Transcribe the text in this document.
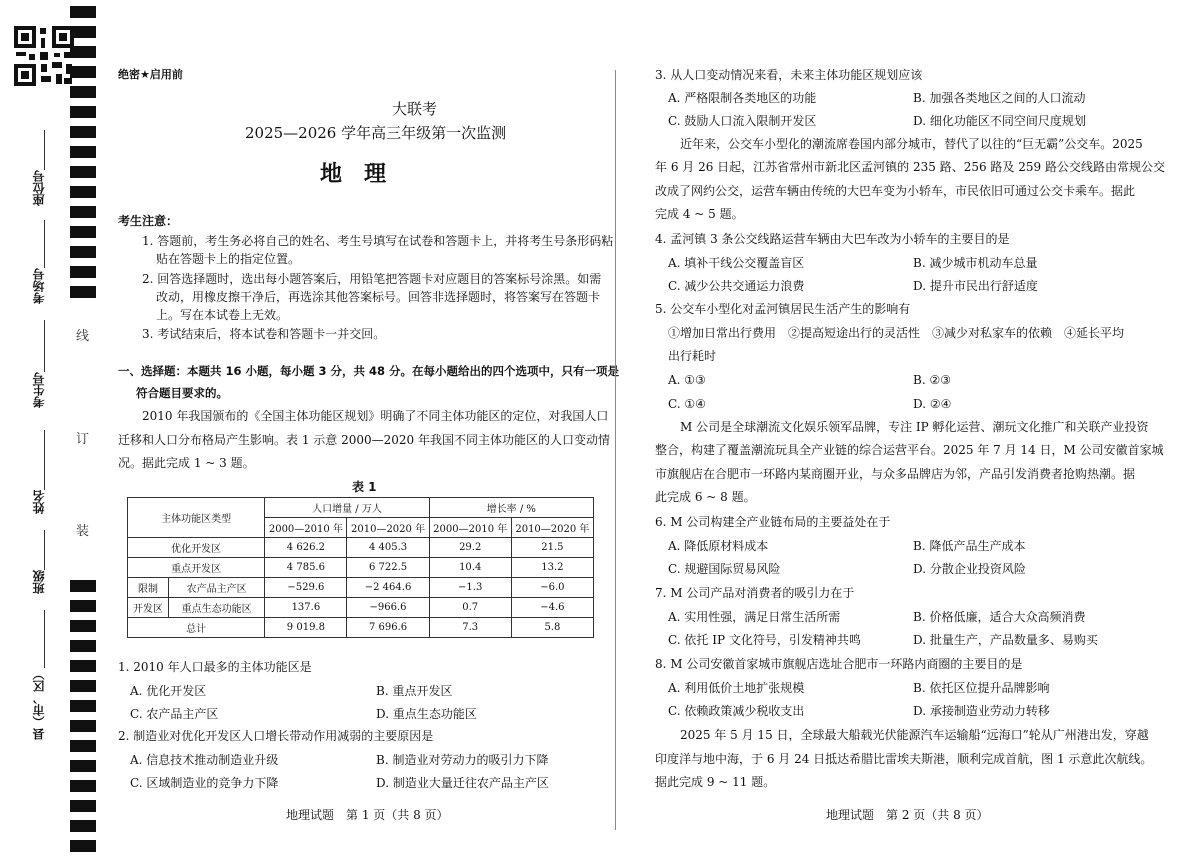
座位号
考场号
考生号
姓名
班级
县（市、区）
线
订
装
绝密★启用前
大联考
2025—2026 学年高三年级第一次监测
地　理
考生注意：
1. 答题前，考生务必将自己的姓名、考生号填写在试卷和答题卡上，并将考生号条形码粘
贴在答题卡上的指定位置。
2. 回答选择题时，选出每小题答案后，用铅笔把答题卡对应题目的答案标号涂黑。如需
改动，用橡皮擦干净后，再选涂其他答案标号。回答非选择题时，将答案写在答题卡
上。写在本试卷上无效。
3. 考试结束后，将本试卷和答题卡一并交回。
一、选择题：本题共 16 小题，每小题 3 分，共 48 分。在每小题给出的四个选项中，只有一项是
符合题目要求的。
2010 年我国颁布的《全国主体功能区规划》明确了不同主体功能区的定位，对我国人口
迁移和人口分布格局产生影响。表 1 示意 2000—2020 年我国不同主体功能区的人口变动情
况。据此完成 1 ~ 3 题。
表 1
主体功能区类型		人口增量 / 万人		增长率 / %	
		2000—2010 年	2010—2020 年	2000—2010 年	2010—2020 年
优化开发区		4 626.2	4 405.3	29.2	21.5
重点开发区		4 785.6	6 722.5	10.4	13.2
限制	农产品主产区	−529.6	−2 464.6	−1.3	−6.0
开发区	重点生态功能区	137.6	−966.6	0.7	−4.6
总计		9 019.8	7 696.6	7.3	5.8
1. 2010 年人口最多的主体功能区是
A. 优化开发区	B. 重点开发区
C. 农产品主产区	D. 重点生态功能区
2. 制造业对优化开发区人口增长带动作用减弱的主要原因是
A. 信息技术推动制造业升级	B. 制造业对劳动力的吸引力下降
C. 区域制造业的竞争力下降	D. 制造业大量迁往农产品主产区
地理试题　第 1 页（共 8 页）
3. 从人口变动情况来看，未来主体功能区规划应该
A. 严格限制各类地区的功能	B. 加强各类地区之间的人口流动
C. 鼓励人口流入限制开发区	D. 细化功能区不同空间尺度规划
近年来，公交车小型化的潮流席卷国内部分城市，替代了以往的“巨无霸”公交车。2025
年 6 月 26 日起，江苏省常州市新北区孟河镇的 235 路、256 路及 259 路公交线路由常规公交
改成了网约公交，运营车辆由传统的大巴车变为小轿车，市民依旧可通过公交卡乘车。据此
完成 4 ~ 5 题。
4. 孟河镇 3 条公交线路运营车辆由大巴车改为小轿车的主要目的是
A. 填补干线公交覆盖盲区	B. 减少城市机动车总量
C. 减少公共交通运力浪费	D. 提升市民出行舒适度
5. 公交车小型化对孟河镇居民生活产生的影响有
①增加日常出行费用　②提高短途出行的灵活性　③减少对私家车的依赖　④延长平均
出行耗时
A. ①③	B. ②③
C. ①④	D. ②④
M 公司是全球潮流文化娱乐领军品牌，专注 IP 孵化运营、潮玩文化推广和关联产业投资
整合，构建了覆盖潮流玩具全产业链的综合运营平台。2025 年 7 月 14 日，M 公司安徽首家城
市旗舰店在合肥市一环路内某商圈开业，与众多品牌店为邻，产品引发消费者抢购热潮。据
此完成 6 ~ 8 题。
6. M 公司构建全产业链布局的主要益处在于
A. 降低原材料成本	B. 降低产品生产成本
C. 规避国际贸易风险	D. 分散企业投资风险
7. M 公司产品对消费者的吸引力在于
A. 实用性强，满足日常生活所需	B. 价格低廉，适合大众高频消费
C. 依托 IP 文化符号，引发精神共鸣	D. 批量生产，产品数量多、易购买
8. M 公司安徽首家城市旗舰店选址合肥市一环路内商圈的主要目的是
A. 利用低价土地扩张规模	B. 依托区位提升品牌影响
C. 依赖政策减少税收支出	D. 承接制造业劳动力转移
2025 年 5 月 15 日，全球最大船载光伏能源汽车运输船“远海口”轮从广州港出发，穿越
印度洋与地中海，于 6 月 24 日抵达希腊比雷埃夫斯港，顺利完成首航，图 1 示意此次航线。
据此完成 9 ~ 11 题。
地理试题　第 2 页（共 8 页）
